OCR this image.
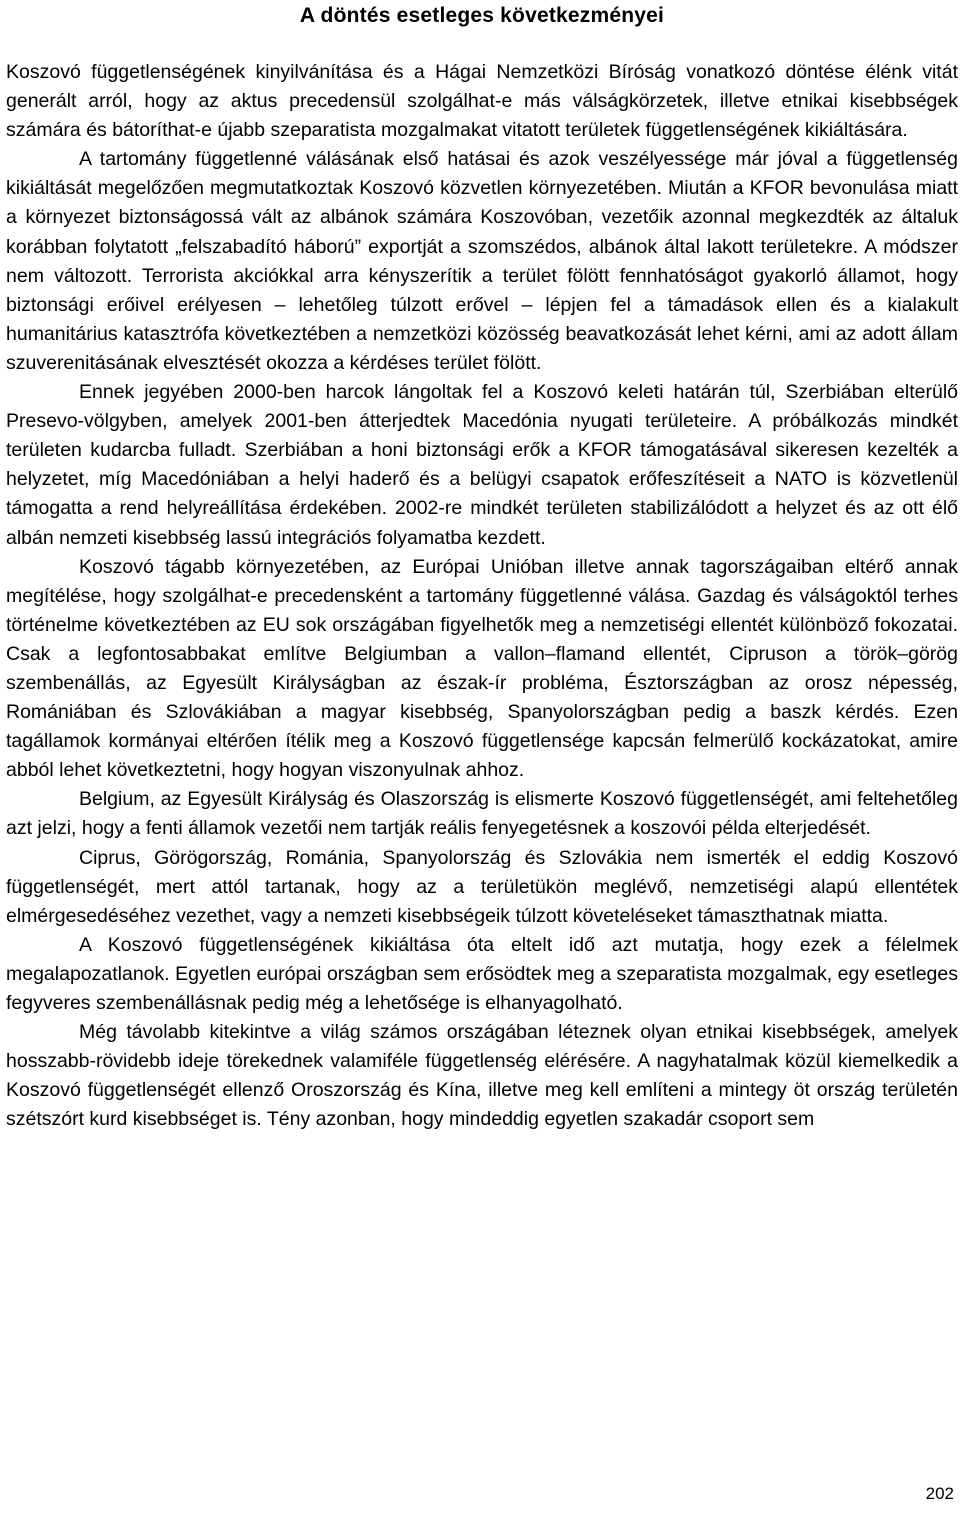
A döntés esetleges következményei

Koszovó függetlenségének kinyilvánítása és a Hágai Nemzetközi Bíróság vonatkozó döntése élénk vitát generált arról, hogy az aktus precedensül szolgálhat-e más válságkörzetek, illetve etnikai kisebbségek számára és bátoríthat-e újabb szeparatista mozgalmakat vitatott területek függetlenségének kikiáltására.

A tartomány függetlenné válásának első hatásai és azok veszélyessége már jóval a függetlenség kikiáltását megelőzően megmutatkoztak Koszovó közvetlen környezetében. Miután a KFOR bevonulása miatt a környezet biztonságossá vált az albánok számára Koszovóban, vezetőik azonnal megkezdték az általuk korábban folytatott „felszabadító háború” exportját a szomszédos, albánok által lakott területekre. A módszer nem változott. Terrorista akciókkal arra kényszerítik a terület fölött fennhatóságot gyakorló államot, hogy biztonsági erőivel erélyesen – lehetőleg túlzott erővel – lépjen fel a támadások ellen és a kialakult humanitárius katasztrófa következtében a nemzetközi közösség beavatkozását lehet kérni, ami az adott állam szuverenitásának elvesztését okozza a kérdéses terület fölött.

Ennek jegyében 2000-ben harcok lángoltak fel a Koszovó keleti határán túl, Szerbiában elterülő Presevo-völgyben, amelyek 2001-ben átterjedtek Macedónia nyugati területeire. A próbálkozás mindkét területen kudarcba fulladt. Szerbiában a honi biztonsági erők a KFOR támogatásával sikeresen kezelték a helyzetet, míg Macedóniában a helyi haderő és a belügyi csapatok erőfeszítéseit a NATO is közvetlenül támogatta a rend helyreállítása érdekében. 2002-re mindkét területen stabilizálódott a helyzet és az ott élő albán nemzeti kisebbség lassú integrációs folyamatba kezdett.

Koszovó tágabb környezetében, az Európai Unióban illetve annak tagországaiban eltérő annak megítélése, hogy szolgálhat-e precedensként a tartomány függetlenné válása. Gazdag és válságoktól terhes történelme következtében az EU sok országában figyelhetők meg a nemzetiségi ellentét különböző fokozatai. Csak a legfontosabbakat említve Belgiumban a vallon–flamand ellentét, Cipruson a török–görög szembenállás, az Egyesült Királyságban az észak-ír probléma, Észtországban az orosz népesség, Romániában és Szlovákiában a magyar kisebbség, Spanyolországban pedig a baszk kérdés. Ezen tagállamok kormányai eltérően ítélik meg a Koszovó függetlensége kapcsán felmerülő kockázatokat, amire abból lehet következtetni, hogy hogyan viszonyulnak ahhoz.

Belgium, az Egyesült Királyság és Olaszország is elismerte Koszovó függetlenségét, ami feltehetőleg azt jelzi, hogy a fenti államok vezetői nem tartják reális fenyegetésnek a koszovói példa elterjedését.

Ciprus, Görögország, Románia, Spanyolország és Szlovákia nem ismerték el eddig Koszovó függetlenségét, mert attól tartanak, hogy az a területükön meglévő, nemzetiségi alapú ellentétek elmérgesedéséhez vezethet, vagy a nemzeti kisebbségeik túlzott követeléseket támaszthatnak miatta.

A Koszovó függetlenségének kikiáltása óta eltelt idő azt mutatja, hogy ezek a félelmek megalapozatlanok. Egyetlen európai országban sem erősödtek meg a szeparatista mozgalmak, egy esetleges fegyveres szembenállásnak pedig még a lehetősége is elhanyagolható.

Még távolabb kitekintve a világ számos országában léteznek olyan etnikai kisebbségek, amelyek hosszabb-rövidebb ideje törekednek valamiféle függetlenség elérésére. A nagyhatalmak közül kiemelkedik a Koszovó függetlenségét ellenző Oroszország és Kína, illetve meg kell említeni a mintegy öt ország területén szétszórt kurd kisebbséget is. Tény azonban, hogy mindeddig egyetlen szakadár csoport sem

202
